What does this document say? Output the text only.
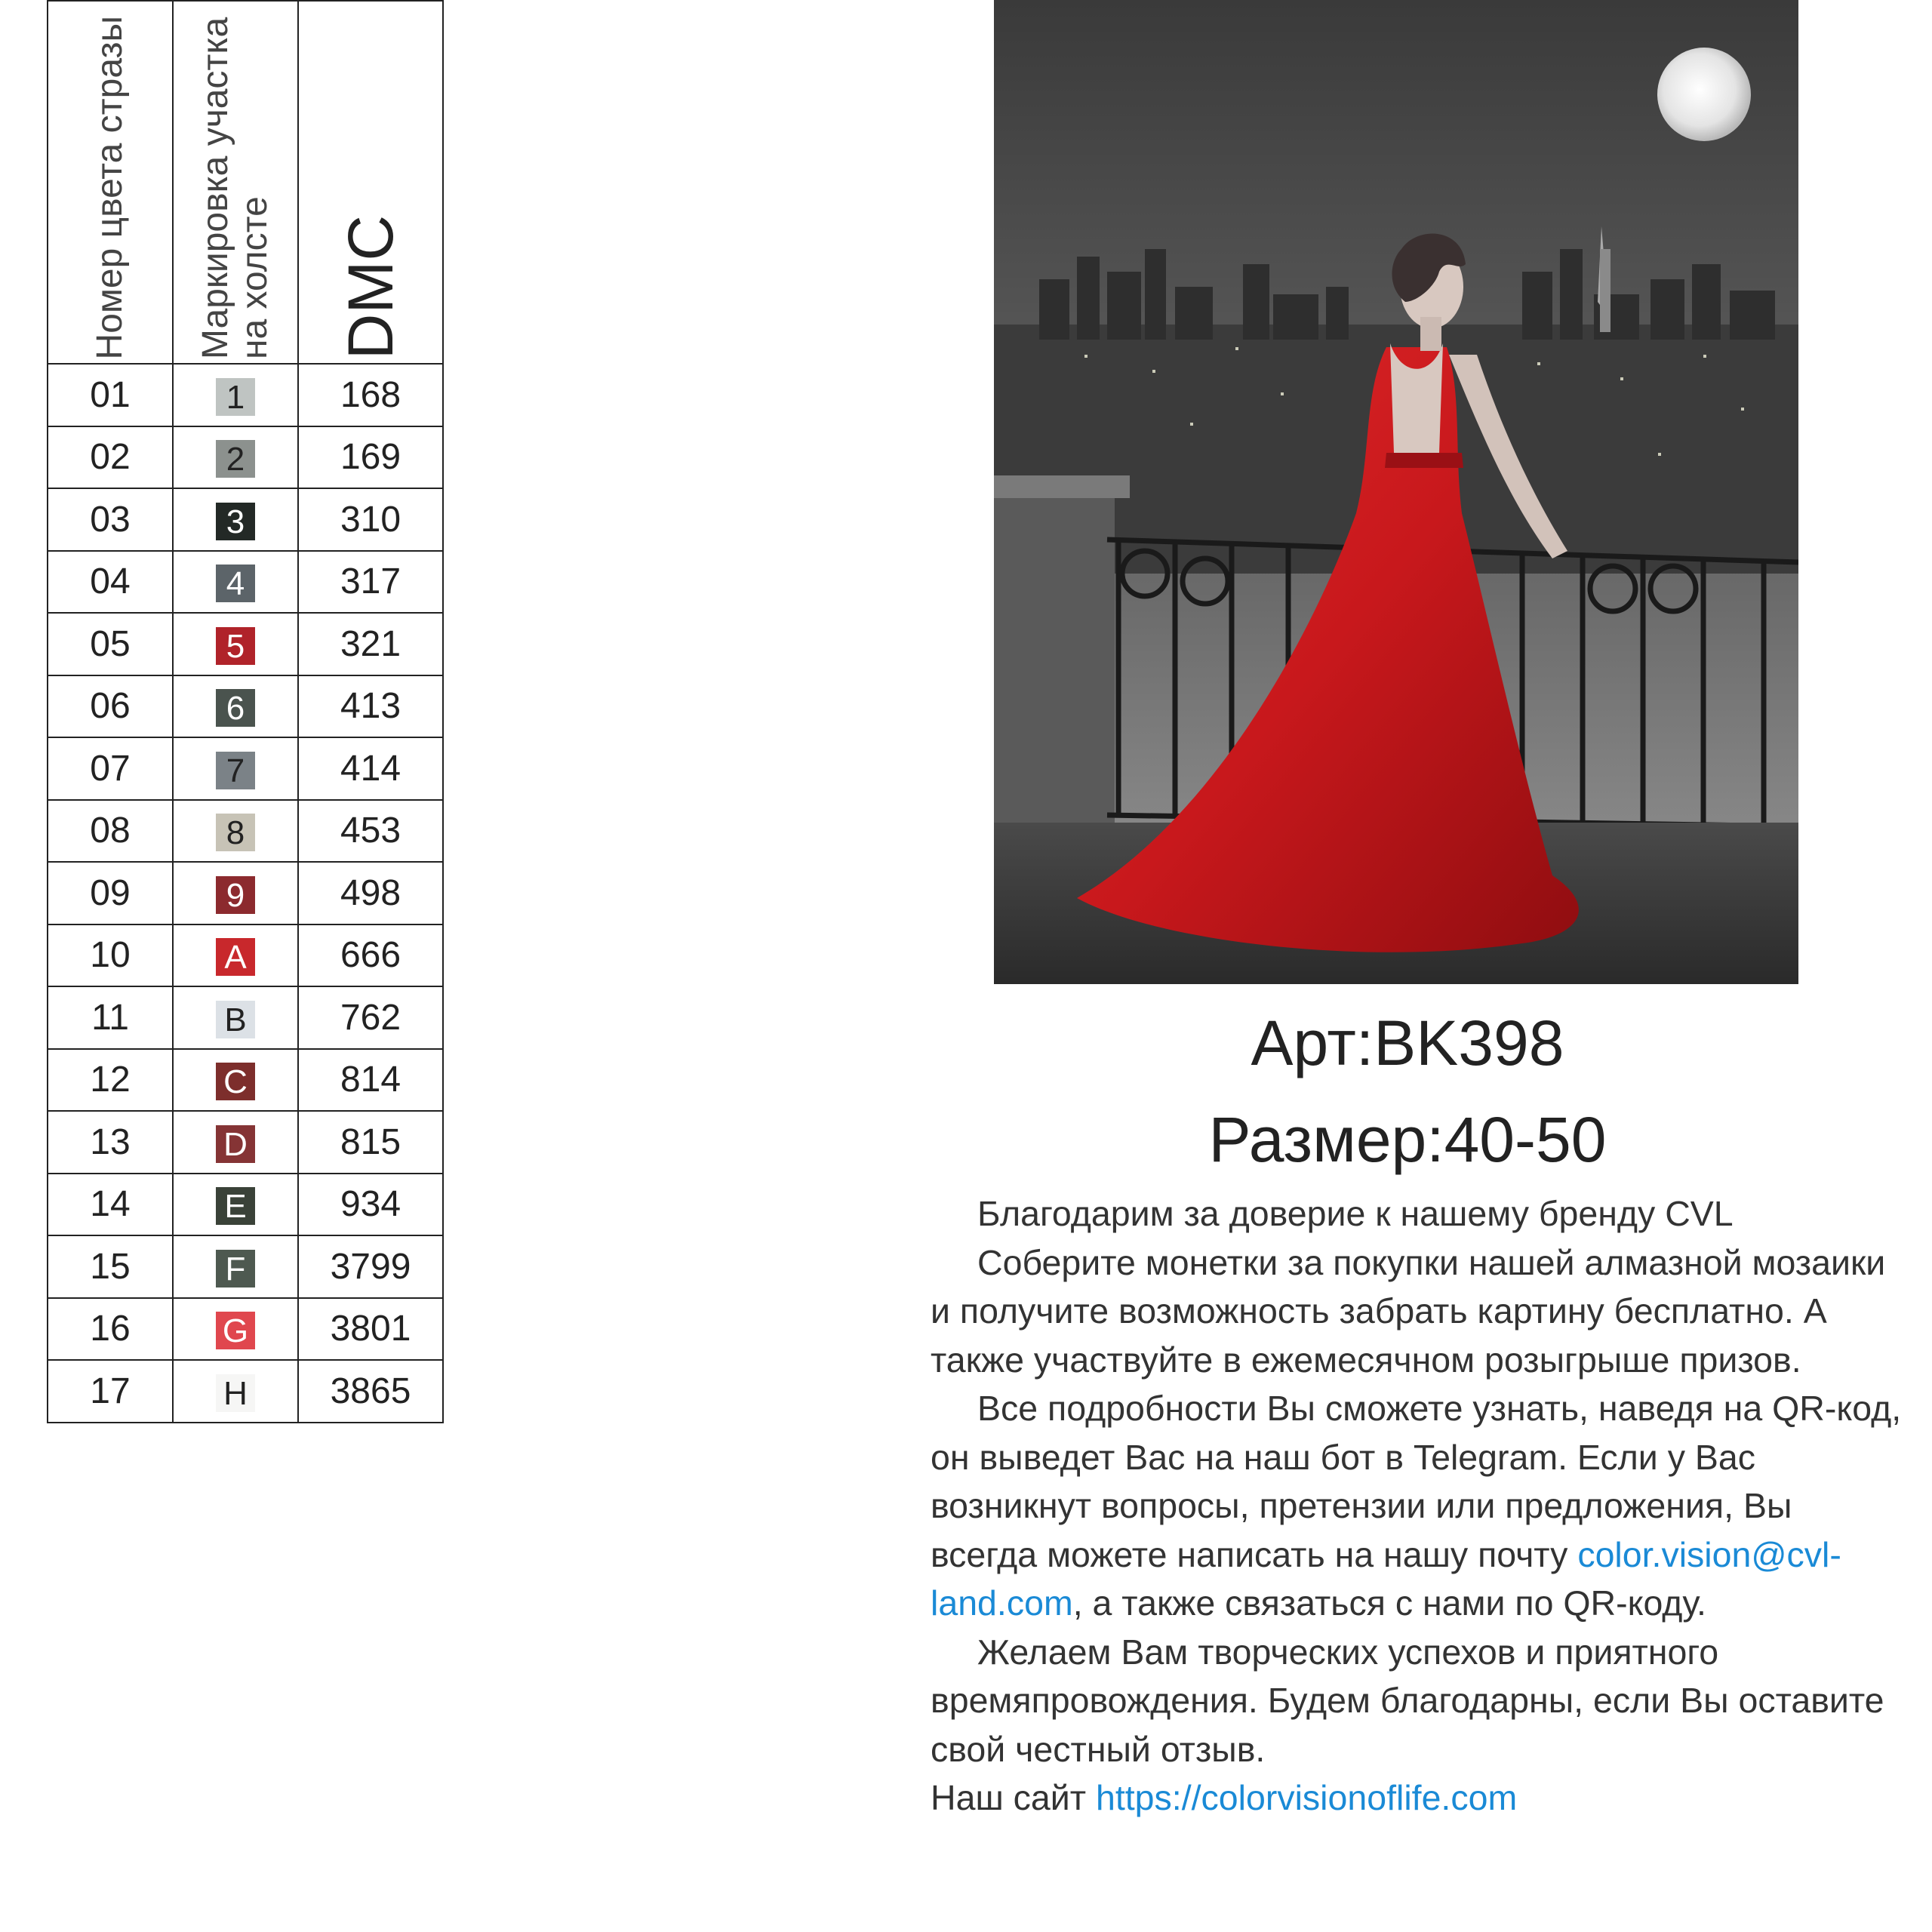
Номер цвета стразы	Маркировка участка на холсте	DMC
01	1	168
02	2	169
03	3	310
04	4	317
05	5	321
06	6	413
07	7	414
08	8	453
09	9	498
10	A	666
11	B	762
12	C	814
13	D	815
14	E	934
15	F	3799
16	G	3801
17	H	3865

Арт:BK398

Размер:40-50

Благодарим за доверие к нашему бренду CVL

Соберите монетки за покупки нашей алмазной мозаики и получите возможность забрать картину бесплатно. А также участвуйте в ежемесячном розыгрыше призов.

Все подробности Вы сможете узнать, наведя на QR-код, он выведет Вас на наш бот в Telegram. Если у Вас возникнут вопросы, претензии или предложения, Вы всегда можете написать на нашу почту color.vision@cvl-land.com, а также связаться с нами по QR-коду.

Желаем Вам творческих успехов и приятного времяпровождения. Будем благодарны, если Вы оставите свой честный отзыв.

Наш сайт https://colorvisionoflife.com
